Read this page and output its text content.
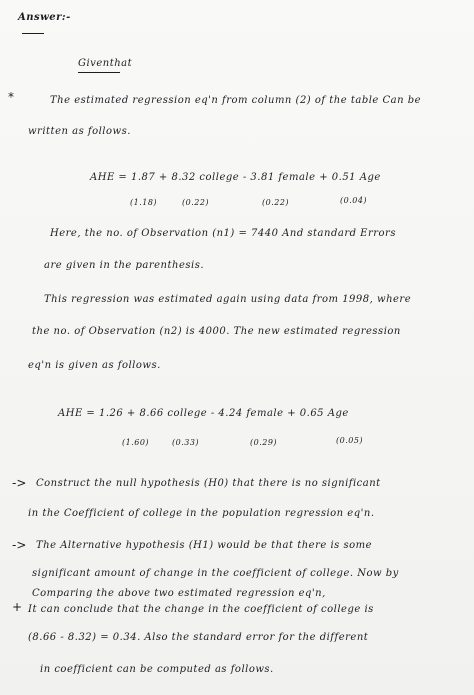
Answer:-
Giventhat
*	The estimated regression eq'n from column (2) of the table Can be
written as follows.
AHE = 1.87 + 8.32 college - 3.81 female + 0.51 Age
(1.18)	(0.22)	(0.22)	(0.04)
Here, the no. of Observation (n1) = 7440 And standard Errors
are given in the parenthesis.
This regression was estimated again using data from 1998, where
the no. of Observation (n2) is 4000. The new estimated regression
eq'n is given as follows.
AHE = 1.26 + 8.66 college - 4.24 female + 0.65 Age
(1.60)	(0.33)	(0.29)	(0.05)
-> Construct the null hypothesis (H0) that there is no significant
in the Coefficient of college in the population regression eq'n.
-> The Alternative hypothesis (H1) would be that there is some
significant amount of change in the coefficient of college. Now by
Comparing the above two estimated regression eq'n,
+ It can conclude that the change in the coefficient of college is
(8.66 - 8.32) = 0.34. Also the standard error for the different
in coefficient can be computed as follows.
